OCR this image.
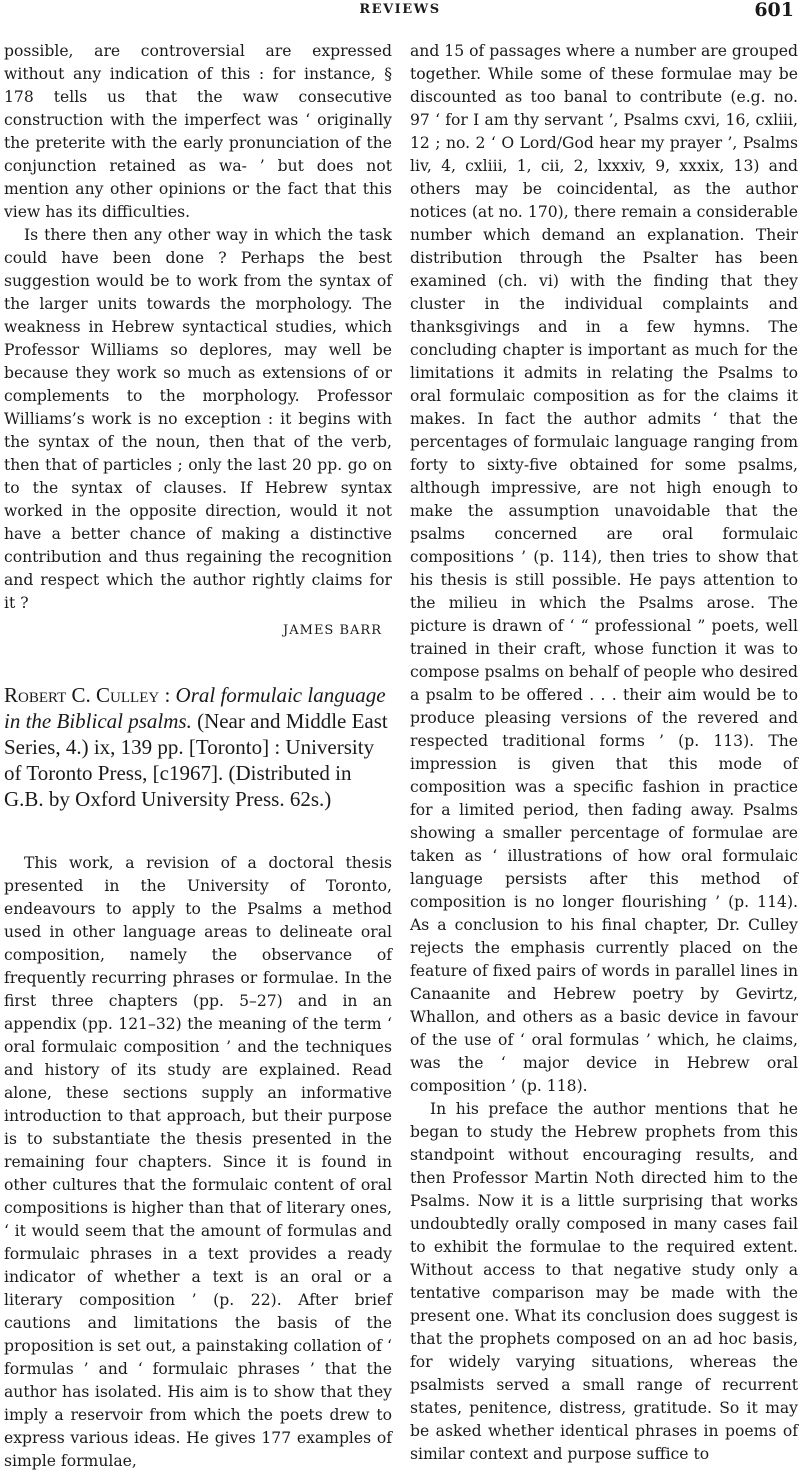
REVIEWS	601

possible, are controversial are expressed without any indication of this : for instance, § 178 tells us that the waw consecutive construction with the imperfect was ‘ originally the preterite with the early pronunciation of the conjunction retained as wa- ’ but does not mention any other opinions or the fact that this view has its difficulties.

Is there then any other way in which the task could have been done ? Perhaps the best suggestion would be to work from the syntax of the larger units towards the morphology. The weakness in Hebrew syntactical studies, which Professor Williams so deplores, may well be because they work so much as extensions of or complements to the morphology. Professor Williams’s work is no exception : it begins with the syntax of the noun, then that of the verb, then that of particles ; only the last 20 pp. go on to the syntax of clauses. If Hebrew syntax worked in the opposite direction, would it not have a better chance of making a distinctive contribution and thus regaining the recognition and respect which the author rightly claims for it ?

JAMES BARR
Robert C. Culley : Oral formulaic language in the Biblical psalms. (Near and Middle East Series, 4.) ix, 139 pp. [Toronto] : University of Toronto Press, [c1967]. (Distributed in G.B. by Oxford University Press. 62s.)

This work, a revision of a doctoral thesis presented in the University of Toronto, endeavours to apply to the Psalms a method used in other language areas to delineate oral composition, namely the observance of frequently recurring phrases or formulae. In the first three chapters (pp. 5–27) and in an appendix (pp. 121–32) the meaning of the term ‘ oral formulaic composition ’ and the techniques and history of its study are explained. Read alone, these sections supply an informative introduction to that approach, but their purpose is to substantiate the thesis presented in the remaining four chapters. Since it is found in other cultures that the formulaic content of oral compositions is higher than that of literary ones, ‘ it would seem that the amount of formulas and formulaic phrases in a text provides a ready indicator of whether a text is an oral or a literary composition ’ (p. 22). After brief cautions and limitations the basis of the proposition is set out, a painstaking collation of ‘ formulas ’ and ‘ formulaic phrases ’ that the author has isolated. His aim is to show that they imply a reservoir from which the poets drew to express various ideas. He gives 177 examples of simple formulae,

and 15 of passages where a number are grouped together. While some of these formulae may be discounted as too banal to contribute (e.g. no. 97 ‘ for I am thy servant ’, Psalms cxvi, 16, cxliii, 12 ; no. 2 ‘ O Lord/God hear my prayer ’, Psalms liv, 4, cxliii, 1, cii, 2, lxxxiv, 9, xxxix, 13) and others may be coincidental, as the author notices (at no. 170), there remain a considerable number which demand an explanation. Their distribution through the Psalter has been examined (ch. vi) with the finding that they cluster in the individual complaints and thanksgivings and in a few hymns. The concluding chapter is important as much for the limitations it admits in relating the Psalms to oral formulaic composition as for the claims it makes. In fact the author admits ‘ that the percentages of formulaic language ranging from forty to sixty-five obtained for some psalms, although impressive, are not high enough to make the assumption unavoidable that the psalms concerned are oral formulaic compositions ’ (p. 114), then tries to show that his thesis is still possible. He pays attention to the milieu in which the Psalms arose. The picture is drawn of ‘ “ professional ” poets, well trained in their craft, whose function it was to compose psalms on behalf of people who desired a psalm to be offered . . . their aim would be to produce pleasing versions of the revered and respected traditional forms ’ (p. 113). The impression is given that this mode of composition was a specific fashion in practice for a limited period, then fading away. Psalms showing a smaller percentage of formulae are taken as ‘ illustrations of how oral formulaic language persists after this method of composition is no longer flourishing ’ (p. 114). As a conclusion to his final chapter, Dr. Culley rejects the emphasis currently placed on the feature of fixed pairs of words in parallel lines in Canaanite and Hebrew poetry by Gevirtz, Whallon, and others as a basic device in favour of the use of ‘ oral formulas ’ which, he claims, was the ‘ major device in Hebrew oral composition ’ (p. 118).

In his preface the author mentions that he began to study the Hebrew prophets from this standpoint without encouraging results, and then Professor Martin Noth directed him to the Psalms. Now it is a little surprising that works undoubtedly orally composed in many cases fail to exhibit the formulae to the required extent. Without access to that negative study only a tentative comparison may be made with the present one. What its conclusion does suggest is that the prophets composed on an ad hoc basis, for widely varying situations, whereas the psalmists served a small range of recurrent states, penitence, distress, gratitude. So it may be asked whether identical phrases in poems of similar context and purpose suffice to
